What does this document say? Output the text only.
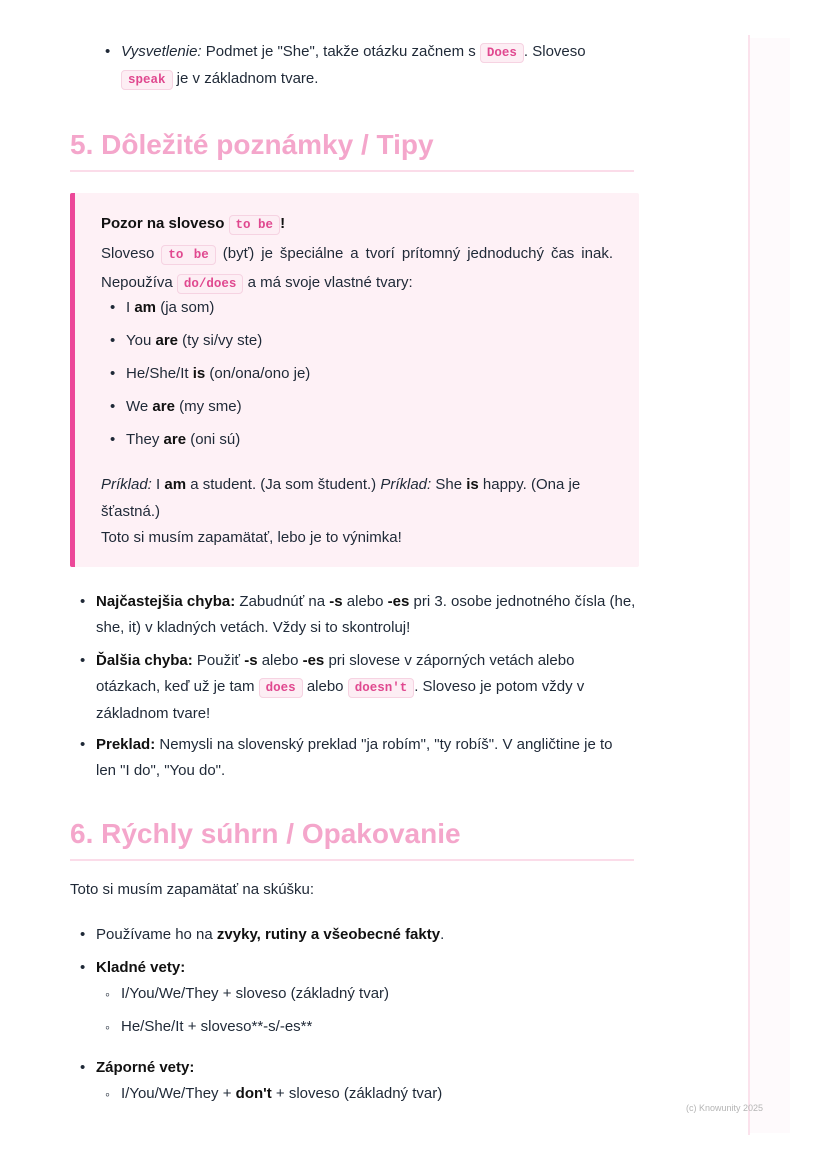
•
Vysvetlenie: Podmet je "She", takže otázku začnem s Does . Sloveso speak je v základnom tvare.
5. Dôležité poznámky / Tipy
Pozor na sloveso to be !
Sloveso to be (byť) je špeciálne a tvorí prítomný jednoduchý čas inak. Nepoužíva do/does a má svoje vlastné tvary:
•
I am (ja som)
•
You are (ty si/vy ste)
•
He/She/It is (on/ona/ono je)
•
We are (my sme)
•
They are (oni sú)
Príklad: I am a student. (Ja som študent.) Príklad: She is happy. (Ona je šťastná.)
Toto si musím zapamätať, lebo je to výnimka!
•
Najčastejšia chyba: Zabudnúť na -s alebo -es pri 3. osobe jednotného čísla (he, she, it) v kladných vetách. Vždy si to skontroluj!
•
Ďalšia chyba: Použiť -s alebo -es pri slovese v záporných vetách alebo otázkach, keď už je tam does alebo doesn't . Sloveso je potom vždy v základnom tvare!
•
Preklad: Nemysli na slovenský preklad "ja robím", "ty robíš". V angličtine je to len "I do", "You do".
6. Rýchly súhrn / Opakovanie
Toto si musím zapamätať na skúšku:
•
Používame ho na zvyky, rutiny a všeobecné fakty.
•
Kladné vety:
◦
I/You/We/They + sloveso (základný tvar)
◦
He/She/It + sloveso**-s/-es**
•
Záporné vety:
◦
I/You/We/They + don't + sloveso (základný tvar)
(c) Knowunity 2025
